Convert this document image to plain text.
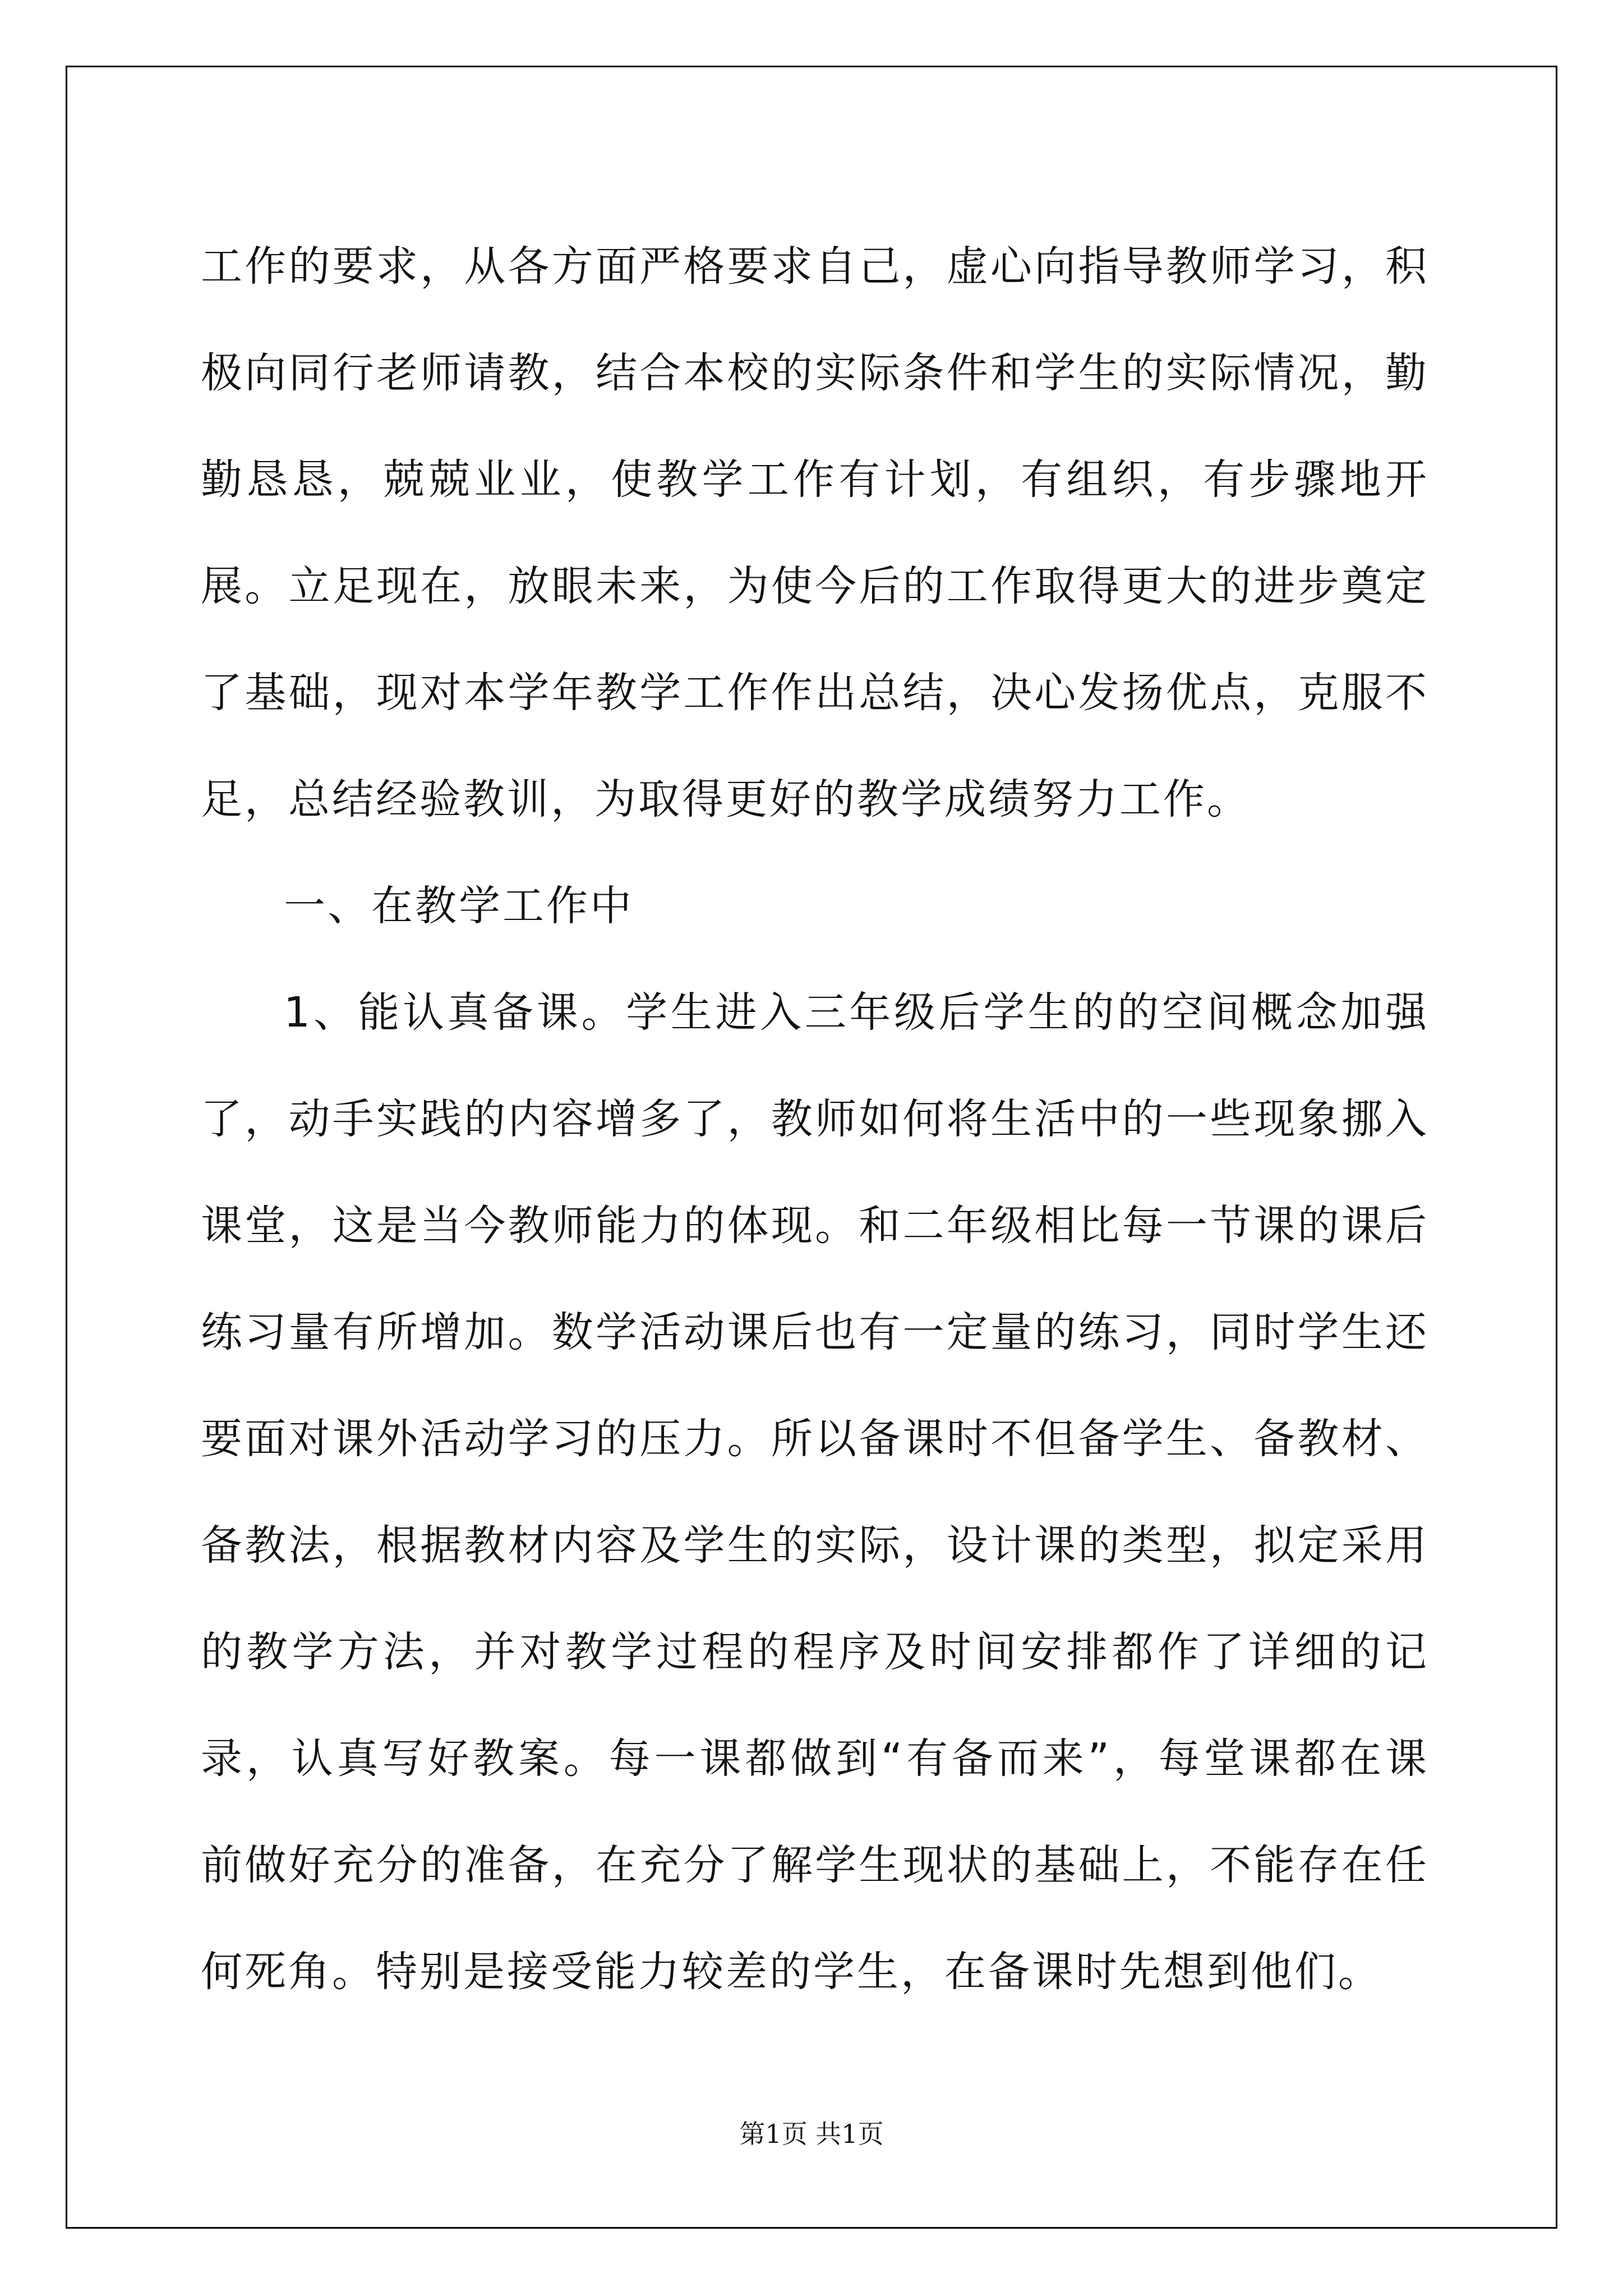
工作的要求，从各方面严格要求自己，虚心向指导教师学习，积极向同行老师请教，结合本校的实际条件和学生的实际情况，勤勤恳恳，兢兢业业，使教学工作有计划，有组织，有步骤地开展。立足现在，放眼未来，为使今后的工作取得更大的进步奠定了基础，现对本学年教学工作作出总结，决心发扬优点，克服不足，总结经验教训，为取得更好的教学成绩努力工作。

一、在教学工作中

1、能认真备课。学生进入三年级后学生的的空间概念加强了，动手实践的内容增多了，教师如何将生活中的一些现象挪入课堂，这是当今教师能力的体现。和二年级相比每一节课的课后练习量有所增加。数学活动课后也有一定量的练习，同时学生还要面对课外活动学习的压力。所以备课时不但备学生、备教材、备教法，根据教材内容及学生的实际，设计课的类型，拟定采用的教学方法，并对教学过程的程序及时间安排都作了详细的记录，认真写好教案。每一课都做到“有备而来”，每堂课都在课前做好充分的准备，在充分了解学生现状的基础上，不能存在任何死角。特别是接受能力较差的学生，在备课时先想到他们。

第1页 共1页
